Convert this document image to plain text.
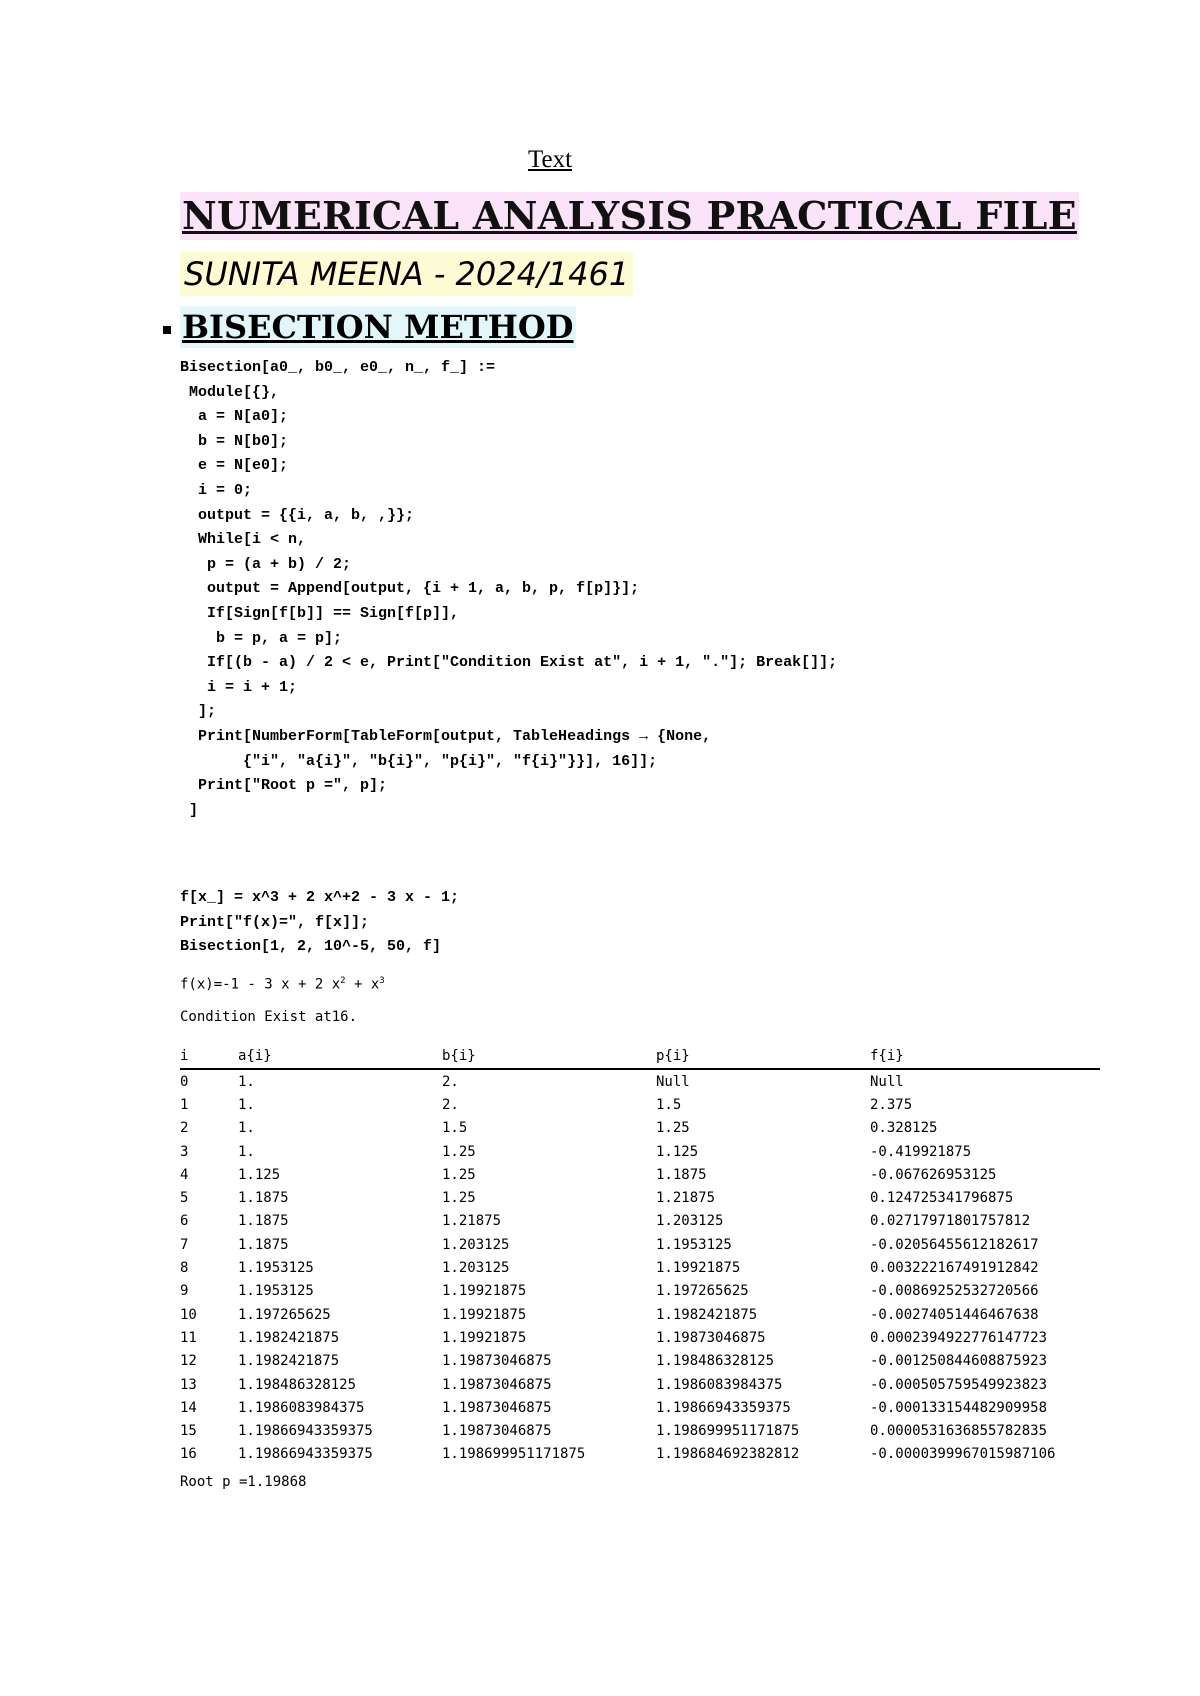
Text
NUMERICAL ANALYSIS PRACTICAL FILE
SUNITA MEENA - 2024/1461
BISECTION METHOD
Bisection[a0_, b0_, e0_, n_, f_] :=
Module[{},
a = N[a0];
b = N[b0];
e = N[e0];
i = 0;
output = {{i, a, b, ,}};
While[i < n,
p = (a + b) / 2;
output = Append[output, {i + 1, a, b, p, f[p]}];
If[Sign[f[b]] == Sign[f[p]],
b = p, a = p];
If[(b - a) / 2 < e, Print["Condition Exist at", i + 1, "."]; Break[]];
i = i + 1;
];
Print[NumberForm[TableForm[output, TableHeadings → {None,
{"i", "a{i}", "b{i}", "p{i}", "f{i}"}}], 16]];
Print["Root p =", p];
]
f[x_] = x^3 + 2 x^+2 - 3 x - 1;
Print["f(x)=", f[x]];
Bisection[1, 2, 10^-5, 50, f]
f(x)=-1 - 3 x + 2 $x^2 + x^3$
Condition Exist at16.
i	a{i}	b{i}	p{i}	f{i}
0	1.	2.	Null	Null
1	1.	2.	1.5	2.375
2	1.	1.5	1.25	0.328125
3	1.	1.25	1.125	-0.419921875
4	1.125	1.25	1.1875	-0.067626953125
5	1.1875	1.25	1.21875	0.124725341796875
6	1.1875	1.21875	1.203125	0.02717971801757812
7	1.1875	1.203125	1.1953125	-0.02056455612182617
8	1.1953125	1.203125	1.19921875	0.003222167491912842
9	1.1953125	1.19921875	1.197265625	-0.00869252532720566
10	1.197265625	1.19921875	1.1982421875	-0.00274051446467638
11	1.1982421875	1.19921875	1.19873046875	0.0002394922776147723
12	1.1982421875	1.19873046875	1.198486328125	-0.001250844608875923
13	1.198486328125	1.19873046875	1.1986083984375	-0.000505759549923823
14	1.1986083984375	1.19873046875	1.19866943359375	-0.000133154482909958
15	1.19866943359375	1.19873046875	1.198699951171875	0.0000531636855782835
16	1.19866943359375	1.198699951171875	1.198684692382812	-0.0000399967015987106
Root p =1.19868
